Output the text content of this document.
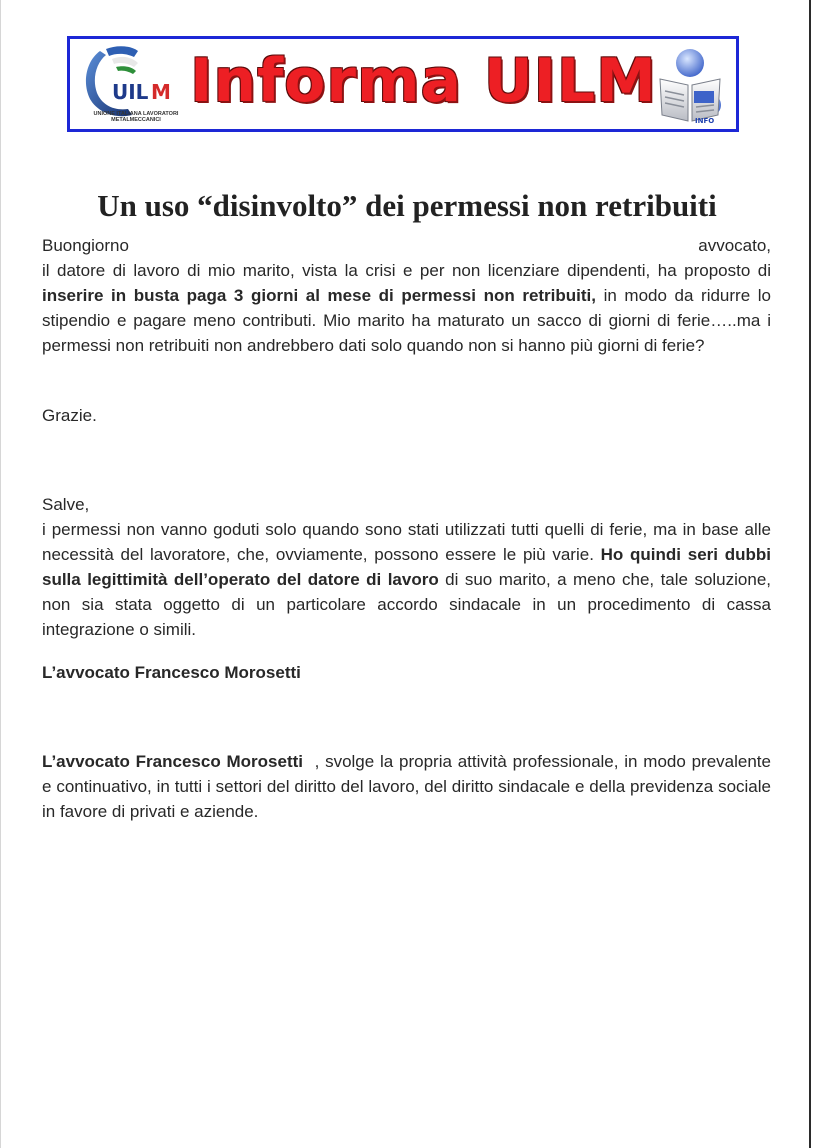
UIL M
UNIONE ITALIANA LAVORATORI
METALMECCANICI
Informa UILM
INFO
Un uso “disinvolto” dei permessi non retribuiti
Buongiorno	avvocato,
il datore di lavoro di mio marito, vista la crisi e per non licenziare dipendenti, ha proposto di inserire in busta paga 3 giorni al mese di permessi non retribuiti, in modo da ridurre lo stipendio e pagare meno contributi. Mio marito ha maturato un sacco di giorni di ferie…..ma i permessi non retribuiti non andrebbero dati solo quando non si hanno più giorni di ferie?
Grazie.
Salve,
i permessi non vanno goduti solo quando sono stati utilizzati tutti quelli di ferie, ma in base alle necessità del lavoratore, che, ovviamente, possono essere le più varie. Ho quindi seri dubbi sulla legittimità dell’operato del datore di lavoro di suo marito, a meno che, tale soluzione, non sia stata oggetto di un particolare accordo sindacale in un procedimento di cassa integrazione o simili.
L’avvocato Francesco Morosetti
L’avvocato Francesco Morosetti  , svolge la propria attività professionale, in modo prevalente e continuativo, in tutti i settori del diritto del lavoro, del diritto sindacale e della previdenza sociale in favore di privati e aziende.
